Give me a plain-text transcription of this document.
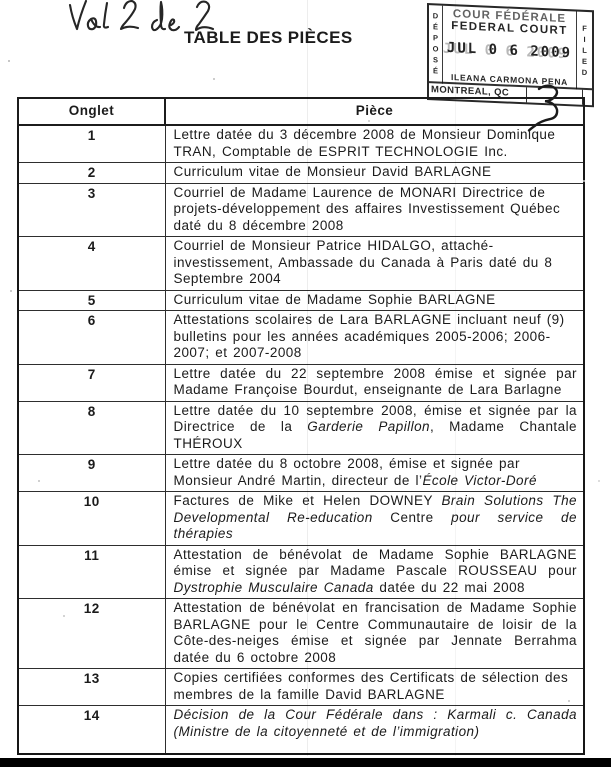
TABLE DES PIÈCES	DÉPOSÉ	FILED
COUR FÉDÉRALE
FEDERAL COURT
JUL 0 6 2009
ILEANA CARMONA PENA
MONTREAL, QC
Onglet	Pièce
1	Lettre datée du 3 décembre 2008 de Monsieur Dominique TRAN, Comptable de ESPRIT TECHNOLOGIE Inc.
2	Curriculum vitae de Monsieur David BARLAGNE
3	Courriel de Madame Laurence de MONARI Directrice de projets-développement des affaires Investissement Québec daté du 8 décembre 2008
4	Courriel de Monsieur Patrice HIDALGO, attaché-investissement, Ambassade du Canada à Paris daté du 8 Septembre 2004
5	Curriculum vitae de Madame Sophie BARLAGNE
6	Attestations scolaires de Lara BARLAGNE incluant neuf (9) bulletins pour les années académiques 2005-2006; 2006-2007; et 2007-2008
7	Lettre datée du 22 septembre 2008 émise et signée par Madame Françoise Bourdut, enseignante de Lara Barlagne
8	Lettre datée du 10 septembre 2008, émise et signée par la Directrice de la Garderie Papillon, Madame Chantale THÉROUX
9	Lettre datée du 8 octobre 2008, émise et signée par Monsieur André Martin, directeur de l’École Victor-Doré
10	Factures de Mike et Helen DOWNEY Brain Solutions The Developmental Re-education Centre pour service de thérapies
11	Attestation de bénévolat de Madame Sophie BARLAGNE émise et signée par Madame Pascale ROUSSEAU pour Dystrophie Musculaire Canada datée du 22 mai 2008
12	Attestation de bénévolat en francisation de Madame Sophie BARLAGNE pour le Centre Communautaire de loisir de la Côte-des-neiges émise et signée par Jennate Berrahma datée du 6 octobre 2008
13	Copies certifiées conformes des Certificats de sélection des membres de la famille David BARLAGNE
14	Décision de la Cour Fédérale dans : Karmali c. Canada (Ministre de la citoyenneté et de l’immigration)
